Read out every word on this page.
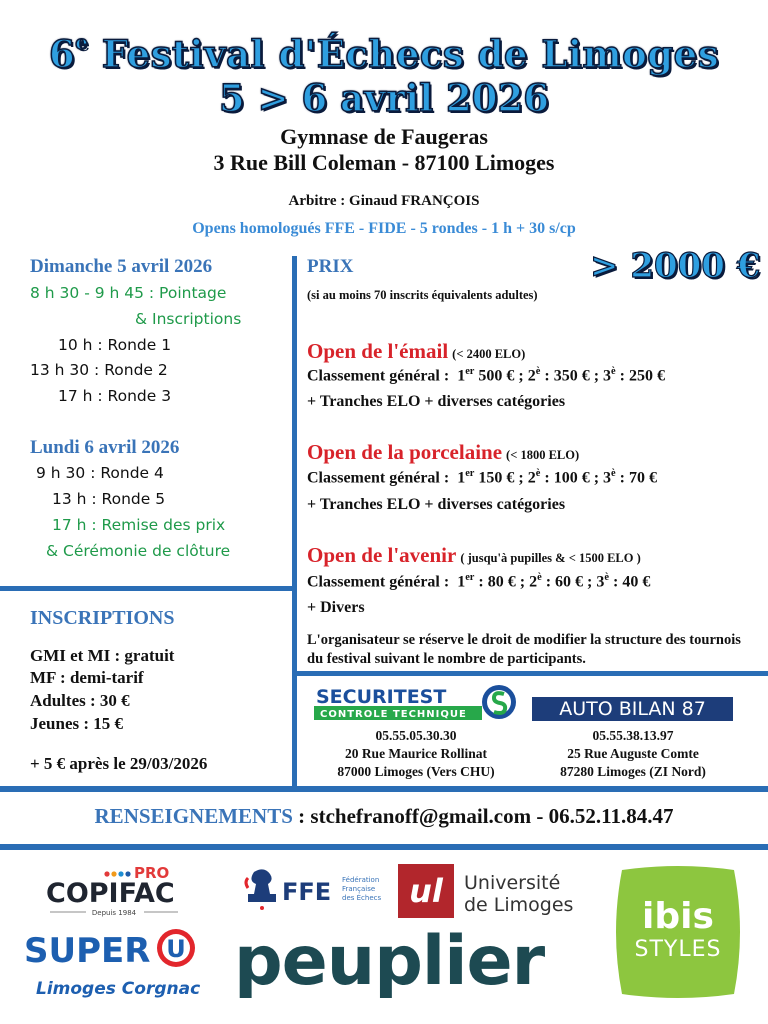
6e Festival d'Échecs de Limoges
5 > 6 avril 2026
Gymnase de Faugeras
3 Rue Bill Coleman - 87100 Limoges
Arbitre : Ginaud FRANÇOIS
Opens homologués FFE - FIDE - 5 rondes - 1 h + 30 s/cp
Dimanche 5 avril 2026
8 h 30 - 9 h 45 : Pointage
& Inscriptions
10 h : Ronde 1
13 h 30 : Ronde 2
17 h : Ronde 3
Lundi 6 avril 2026
9 h 30 : Ronde 4
13 h : Ronde 5
17 h : Remise des prix
& Cérémonie de clôture
INSCRIPTIONS
GMI et MI : gratuit
MF : demi-tarif
Adultes : 30 €
Jeunes : 15 €
+ 5 € après le 29/03/2026
PRIX	> 2000 €
(si au moins 70 inscrits équivalents adultes)
Open de l'émail (< 2400 ELO)
Classement général : 1er 500 € ; $2^è$ : 350 € ; $3^è$ : 250 €
+ Tranches ELO + diverses catégories
Open de la porcelaine (< 1800 ELO)
Classement général : 1er 150 € ; $2^è$ : 100 € ; $3^è$ : 70 €
+ Tranches ELO + diverses catégories
Open de l'avenir ( jusqu'à pupilles & < 1500 ELO )
Classement général : 1er : 80 € ; $2^è$ : 60 € ; $3^è$ : 40 €
+ Divers
L'organisateur se réserve le droit de modifier la structure des tournois du festival suivant le nombre de participants.
SECURITEST
CONTROLE TECHNIQUE	AUTO BILAN 87
05.55.05.30.30
20 Rue Maurice Rollinat
87000 Limoges (Vers CHU)
05.55.38.13.97
25 Rue Auguste Comte
87280 Limoges (ZI Nord)
RENSEIGNEMENTS : stchefranoff@gmail.com - 06.52.11.84.47
PRO
COPIFAC
Depuis 1984
SUPER U
Limoges Corgnac
FFE Fédération
Française
des Échecs ul Université
de Limoges
peuplier
ibis
STYLES
